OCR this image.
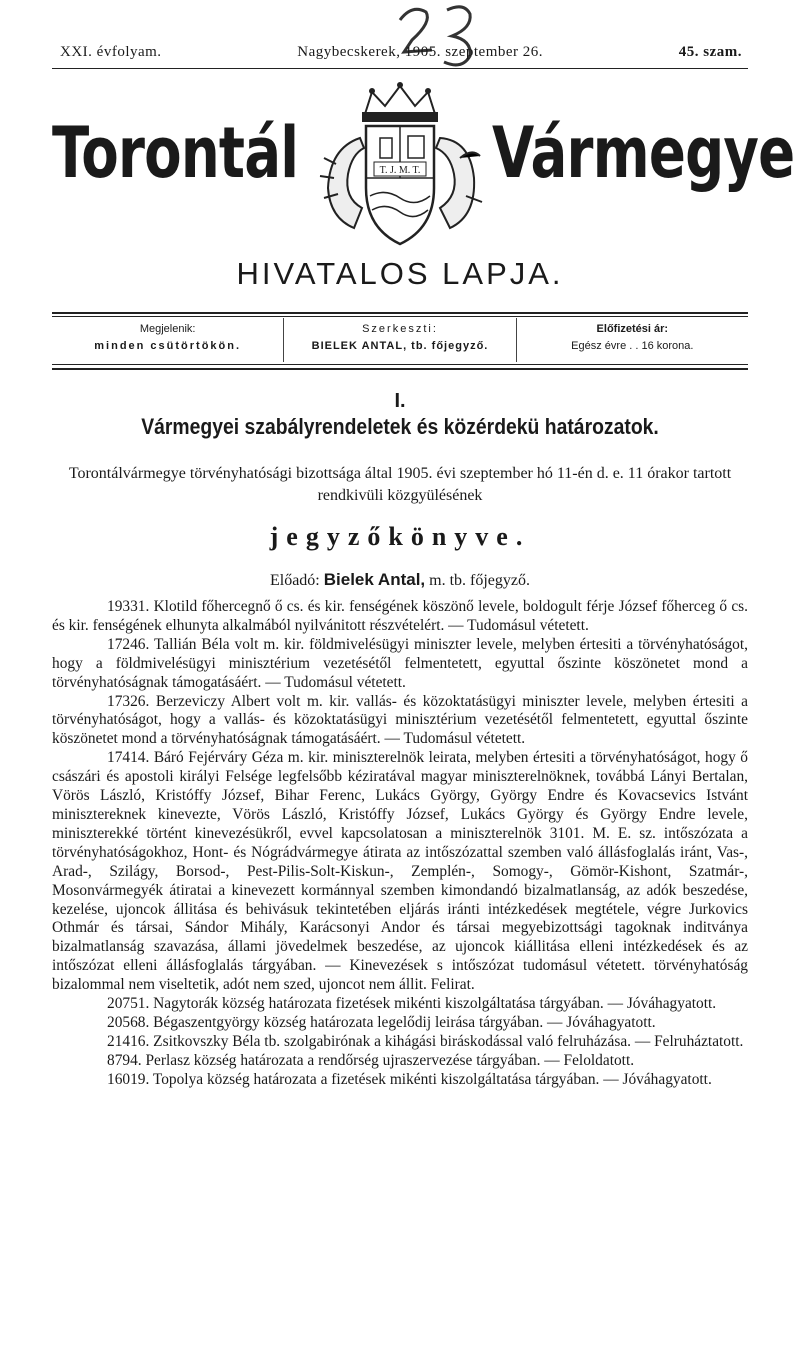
XXI. évfolyam.	Nagybecskerek, 1905. szeptember 26.	45. szam.
Torontál	Vármegye
T. J. M. T.
HIVATALOS LAPJA.
Megjelenik:
minden csütörtökön.
Szerkeszti:
BIELEK ANTAL, tb. főjegyző.
Előfizetési ár:
Egész évre . . 16 korona.
I.
Vármegyei szabályrendeletek és közérdekü határozatok.
Torontálvármegye törvényhatósági bizottsága által 1905. évi szeptember hó 11-én d. e. 11 órakor tartott rendkivüli közgyülésének
jegyzőkönyve.
Előadó: Bielek Antal, m. tb. főjegyző.

19331. Klotild főhercegnő ő cs. és kir. fenségének köszönő levele, boldogult férje József főherceg ő cs. és kir. fenségének elhunyta alkalmából nyilvánitott részvételért. — Tudomásul vétetett.

17246. Tallián Béla volt m. kir. földmivelésügyi miniszter levele, melyben értesiti a törvényhatóságot, hogy a földmivelésügyi minisztérium vezetésétől felmentetett, egyuttal őszinte köszönetet mond a törvényhatóságnak támogatásáért. — Tudomásul vétetett.

17326. Berzeviczy Albert volt m. kir. vallás- és közoktatásügyi miniszter levele, melyben értesiti a törvényhatóságot, hogy a vallás- és közoktatásügyi minisztérium vezetésétől felmentetett, egyuttal őszinte köszönetet mond a törvényhatóságnak támogatásáért. — Tudomásul vétetett.

17414. Báró Fejérváry Géza m. kir. miniszterelnök leirata, melyben értesiti a törvényhatóságot, hogy ő császári és apostoli királyi Felsége legfelsőbb kéziratával magyar miniszterelnöknek, továbbá Lányi Bertalan, Vörös László, Kristóffy József, Bihar Ferenc, Lukács György, György Endre és Kovacsevics Istvánt minisztereknek kinevezte, Vörös László, Kristóffy József, Lukács György és György Endre levele, miniszterekké történt kinevezésükről, evvel kapcsolatosan a miniszterelnök 3101. M. E. sz. intőszózata a törvényhatóságokhoz, Hont- és Nógrádvármegye átirata az intőszózattal szemben való állásfoglalás iránt, Vas-, Arad-, Szilágy, Borsod-, Pest-Pilis-Solt-Kiskun-, Zemplén-, Somogy-, Gömör-Kishont, Szatmár-, Mosonvármegyék átiratai a kinevezett kormánnyal szemben kimondandó bizalmatlanság, az adók beszedése, kezelése, ujoncok állitása és behivásuk tekintetében eljárás iránti intézkedések megtétele, végre Jurkovics Othmár és társai, Sándor Mihály, Karácsonyi Andor és társai megyebizottsági tagoknak inditványa bizalmatlanság szavazása, állami jövedelmek beszedése, az ujoncok kiállitása elleni intézkedések és az intőszózat elleni állásfoglalás tárgyában. — Kinevezések s intőszózat tudomásul vétetett. törvényhatóság bizalommal nem viseltetik, adót nem szed, ujoncot nem állit. Felirat.

20751. Nagytorák község határozata fizetések mikénti kiszolgáltatása tárgyában. — Jóváhagyatott.

20568. Bégaszentgyörgy község határozata legelődij leirása tárgyában. — Jóváhagyatott.

21416. Zsitkovszky Béla tb. szolgabirónak a kihágási biráskodással való felruházása. — Felruháztatott.

8794. Perlasz község határozata a rendőrség ujraszervezése tárgyában. — Feloldatott.

16019. Topolya község határozata a fizetések mikénti kiszolgáltatása tárgyában. — Jóváhagyatott.
